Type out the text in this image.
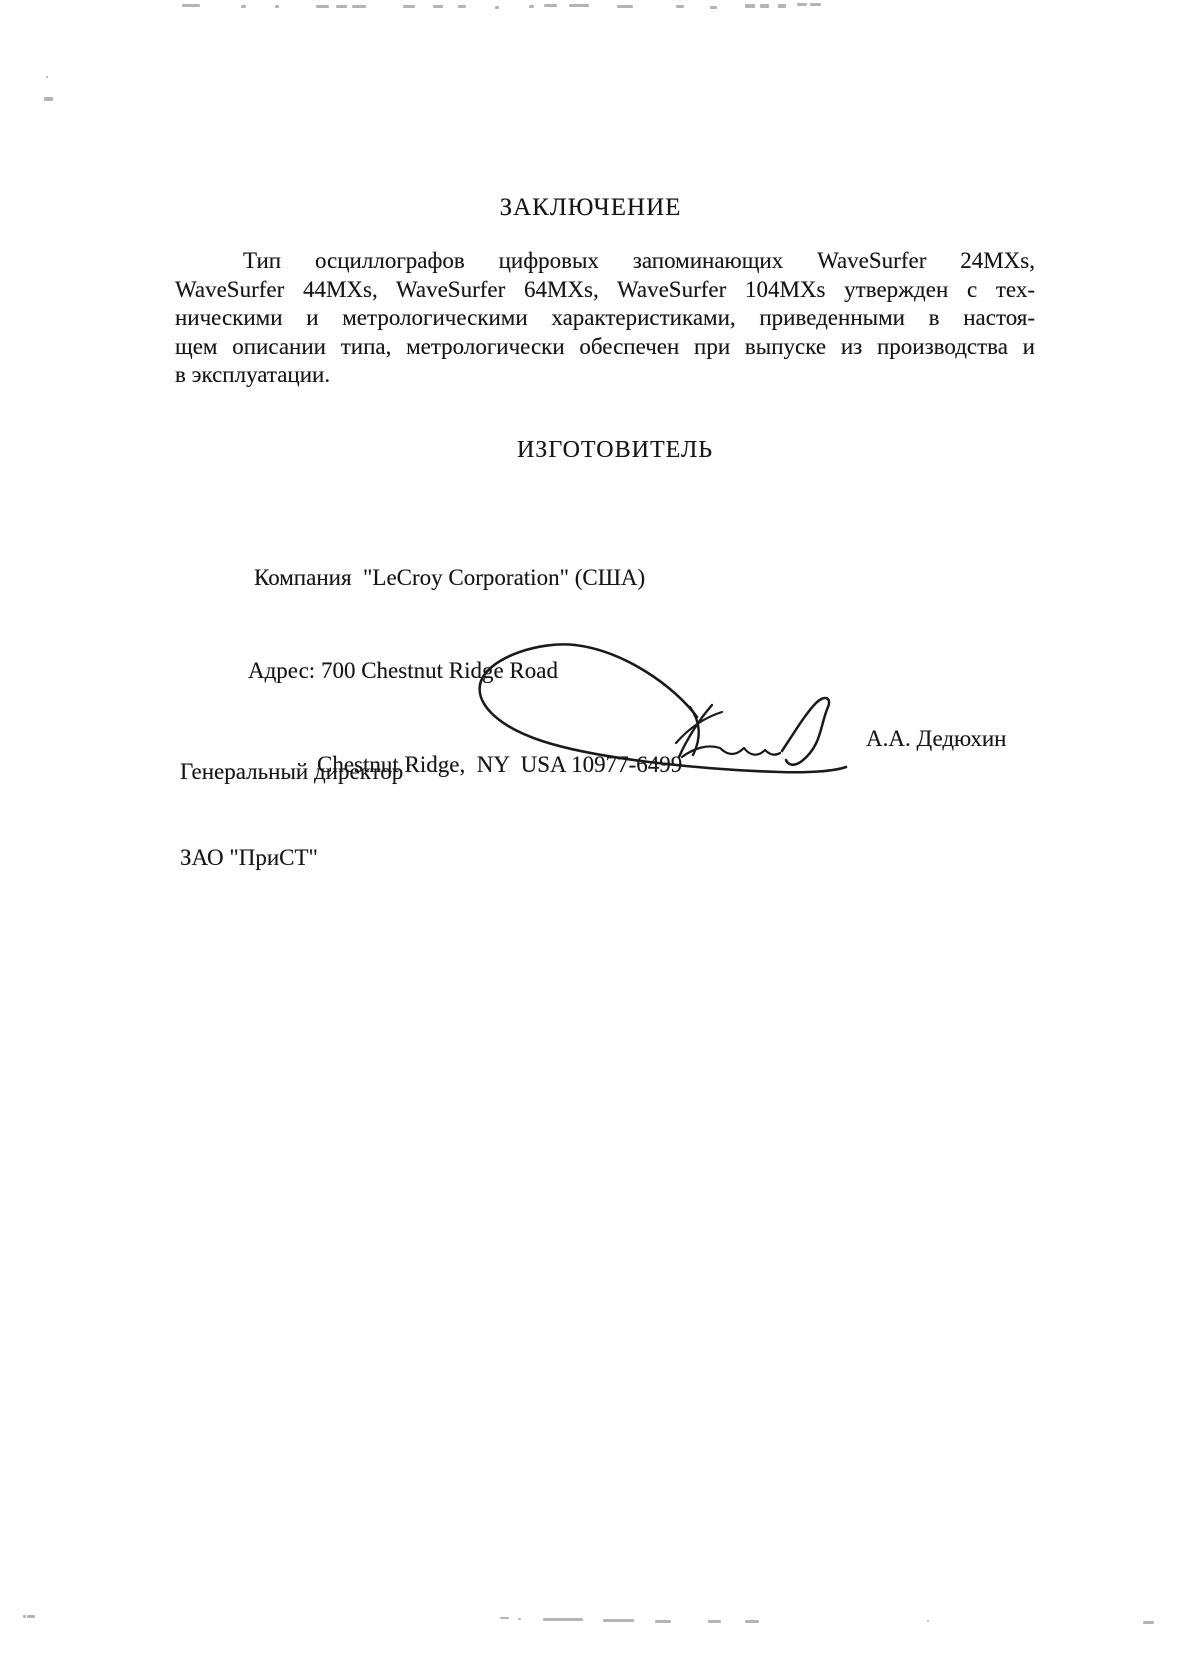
ЗАКЛЮЧЕНИЕ
Тип осциллографов цифровых запоминающих WaveSurfer 24MXs,
WaveSurfer 44MXs, WaveSurfer 64MXs, WaveSurfer 104MXs утвержден с тех-
ническими и метрологическими характеристиками, приведенными в настоя-
щем описании типа, метрологически обеспечен при выпуске из производства и
в эксплуатации.
ИЗГОТОВИТЕЛЬ

Компания  "LeCroy Corporation" (США)

Адрес: 700 Chestnut Ridge Road

Chestnut Ridge,  NY  USA 10977-6499

Генеральный директор

ЗАО "ПриСТ"

А.А. Дедюхин
